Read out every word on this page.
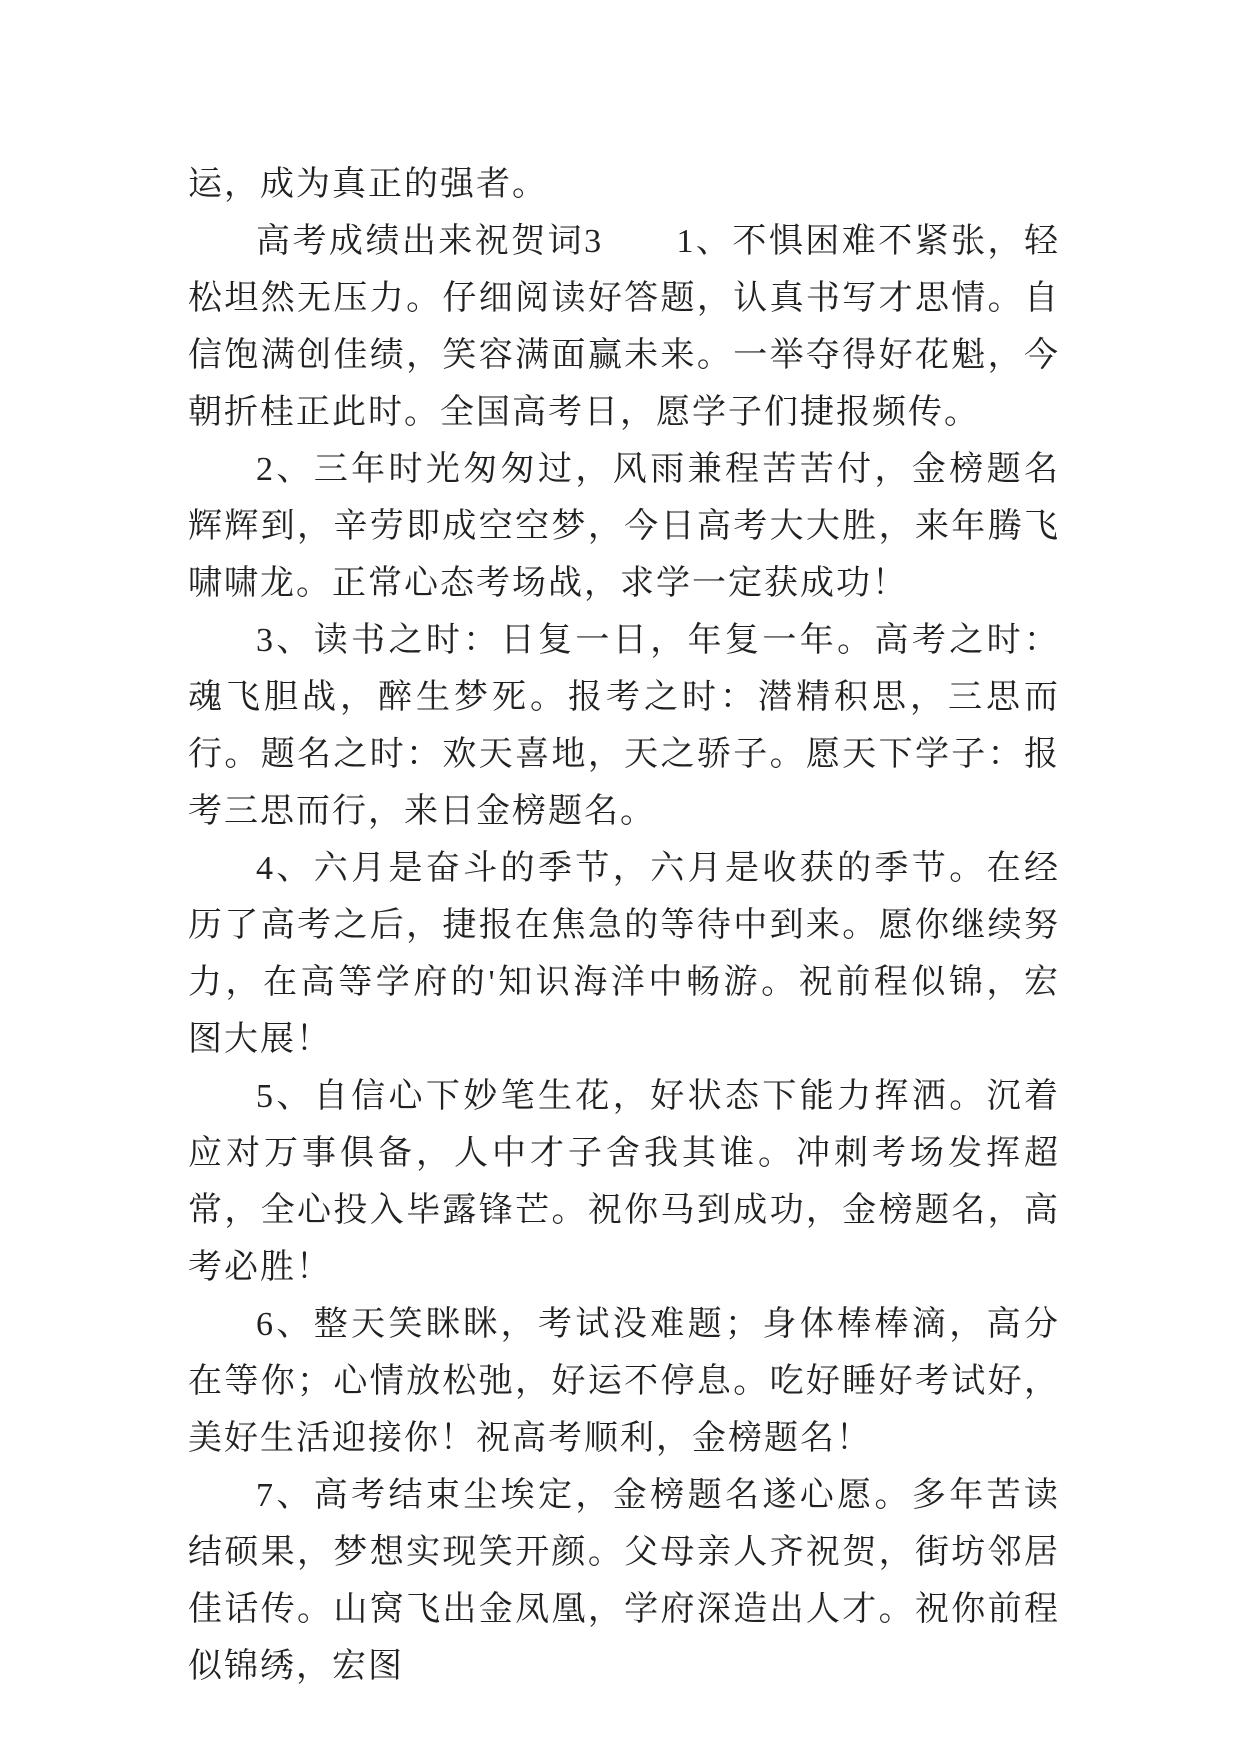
运，成为真正的强者。

高考成绩出来祝贺词3　　 1、不惧困难不紧张，轻松坦然无压力。仔细阅读好答题，认真书写才思情。自信饱满创佳绩，笑容满面赢未来。一举夺得好花魁，今朝折桂正此时。全国高考日，愿学子们捷报频传。

2、三年时光匆匆过，风雨兼程苦苦付，金榜题名辉辉到，辛劳即成空空梦，今日高考大大胜，来年腾飞啸啸龙。正常心态考场战，求学一定获成功！

3、读书之时：日复一日，年复一年。高考之时：魂飞胆战，醉生梦死。报考之时：潜精积思，三思而行。题名之时：欢天喜地，天之骄子。愿天下学子：报考三思而行，来日金榜题名。

4、六月是奋斗的季节，六月是收获的季节。在经历了高考之后，捷报在焦急的等待中到来。愿你继续努力，在高等学府的'知识海洋中畅游。祝前程似锦，宏图大展！

5、自信心下妙笔生花，好状态下能力挥洒。沉着应对万事俱备，人中才子舍我其谁。冲刺考场发挥超常，全心投入毕露锋芒。祝你马到成功，金榜题名，高考必胜！

6、整天笑眯眯，考试没难题；身体棒棒滴，高分在等你；心情放松弛，好运不停息。吃好睡好考试好，美好生活迎接你！祝高考顺利，金榜题名！

7、高考结束尘埃定，金榜题名遂心愿。多年苦读结硕果，梦想实现笑开颜。父母亲人齐祝贺，街坊邻居佳话传。山窝飞出金凤凰，学府深造出人才。祝你前程似锦绣，宏图
